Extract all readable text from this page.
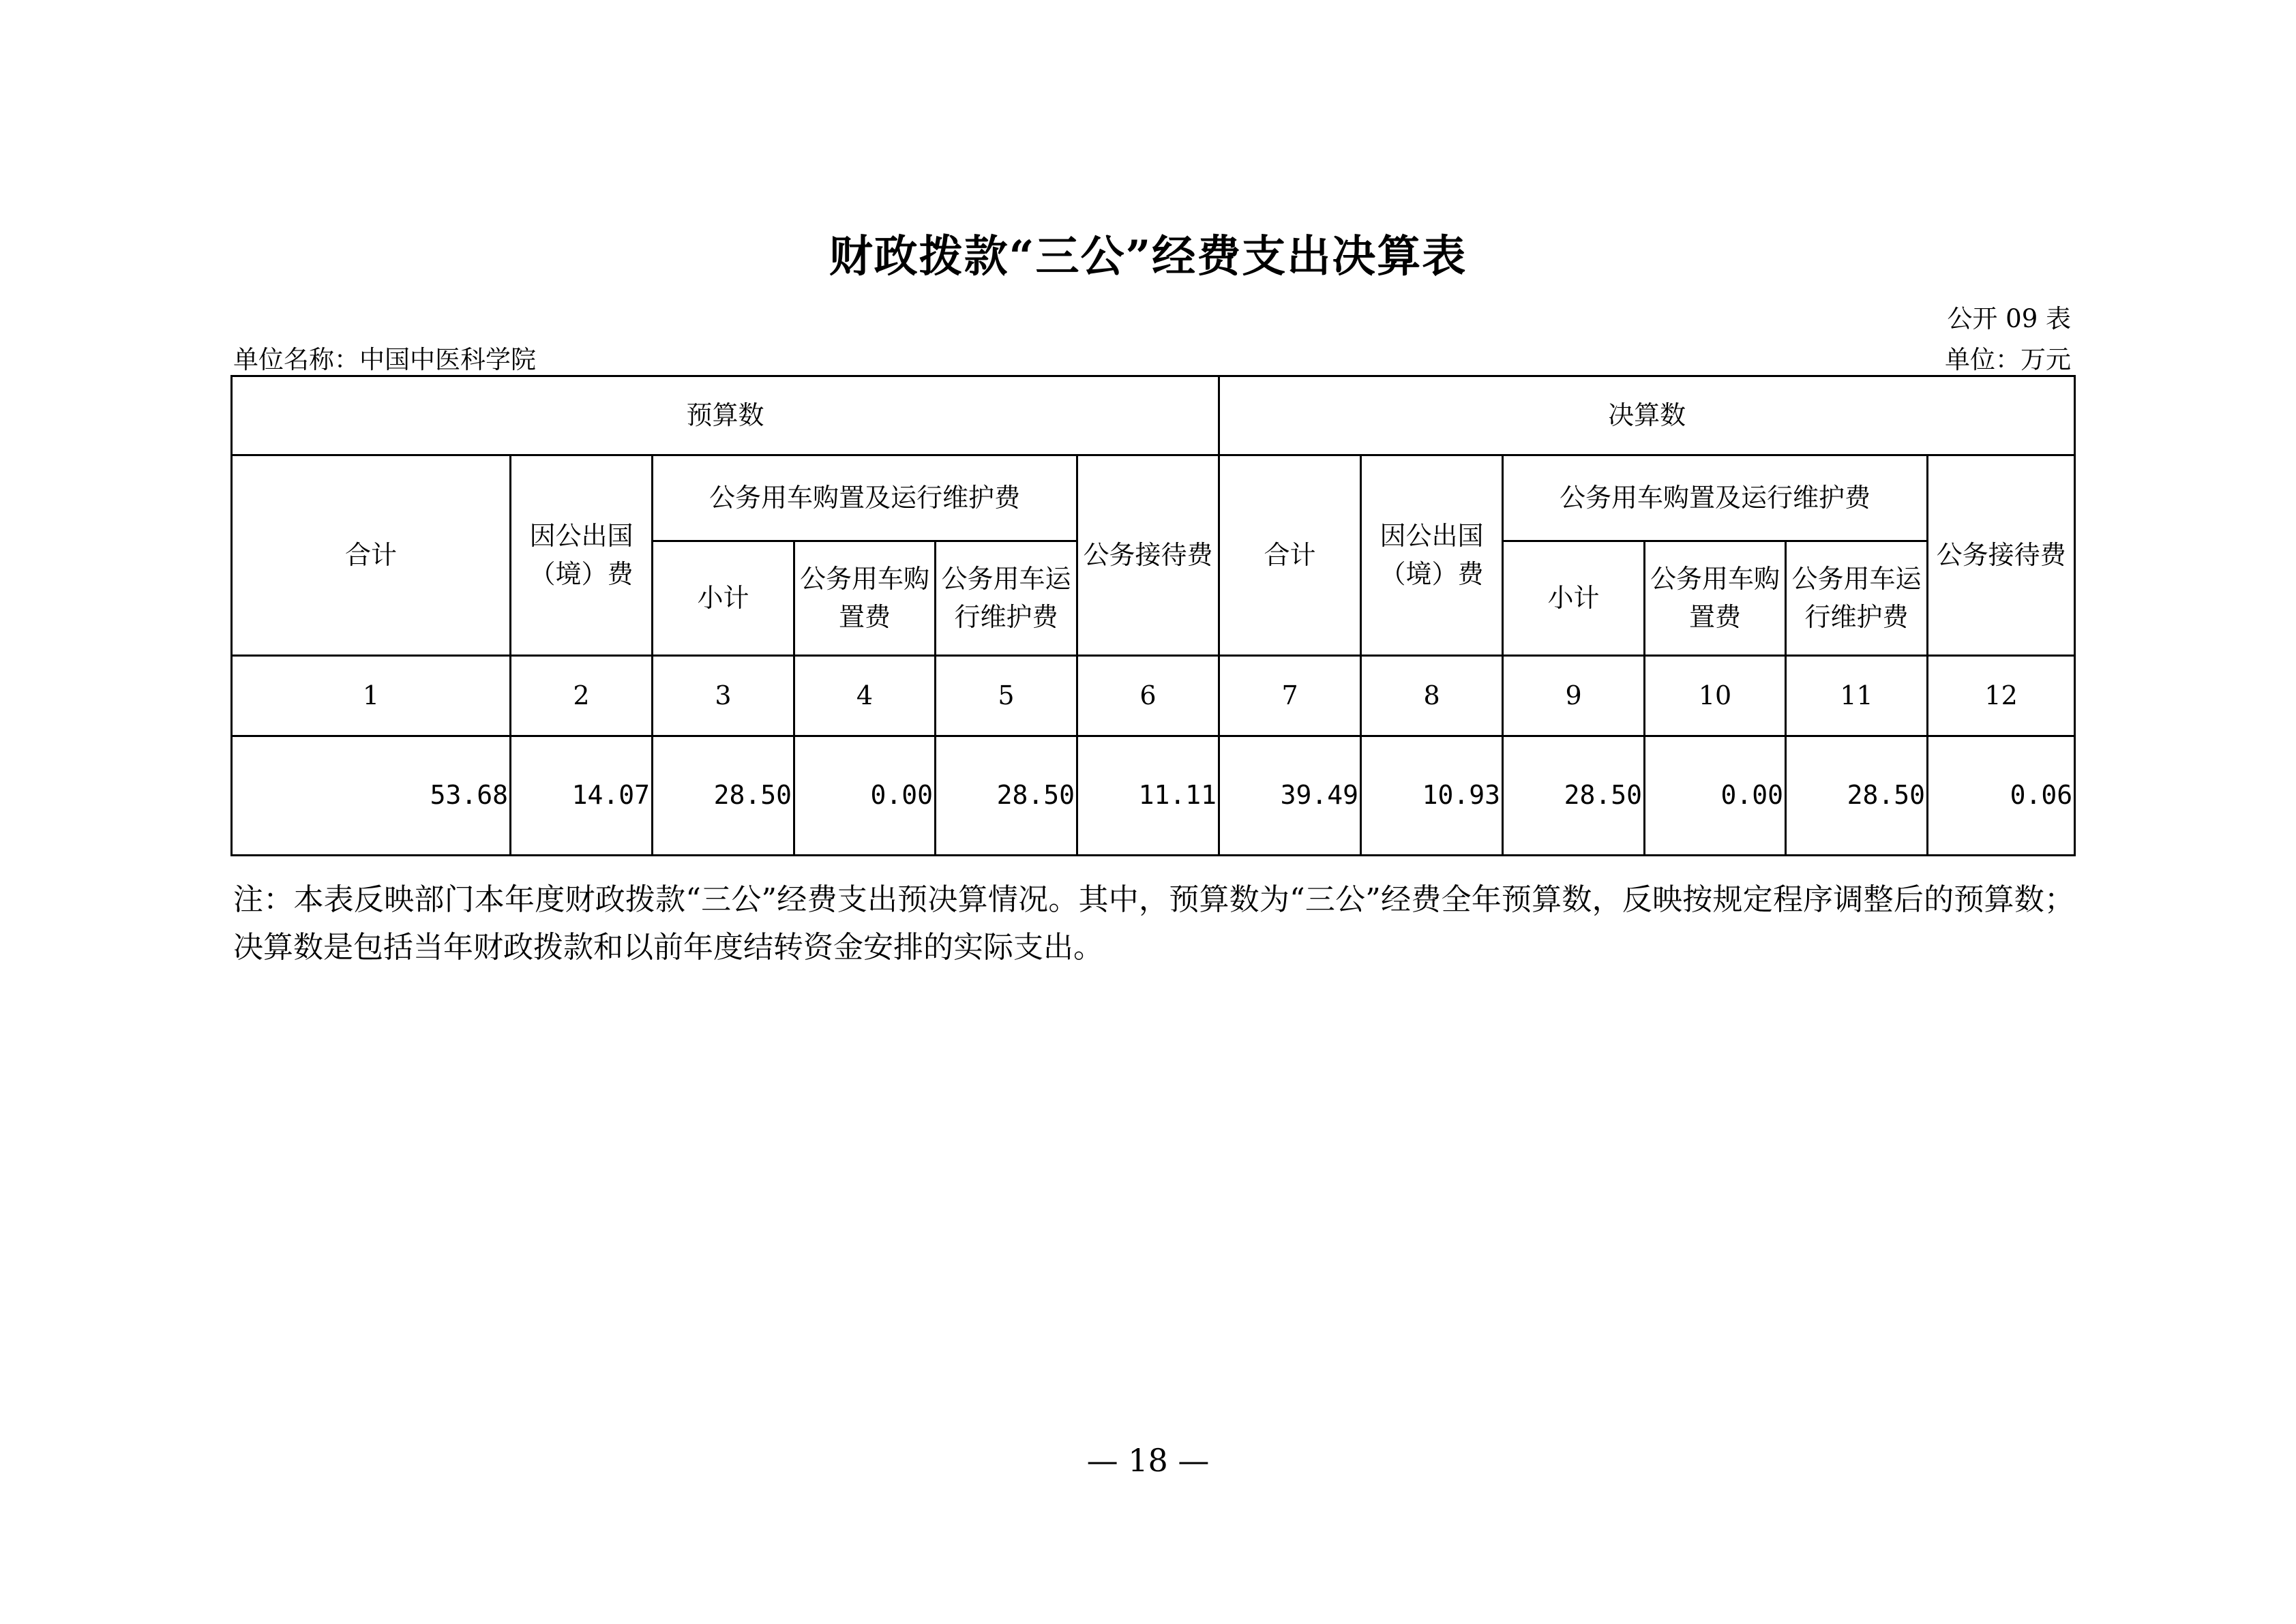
财政拨款“三公”经费支出决算表
公开 09 表
单位名称：中国中医科学院	单位：万元
预算数						决算数					
合计	因公出国（境）费	公务用车购置及运行维护费			公务接待费	合计	因公出国（境）费	公务用车购置及运行维护费			公务接待费
		小计	公务用车购置费	公务用车运行维护费				小计	公务用车购置费	公务用车运行维护费	
1	2	3	4	5	6	7	8	9	10	11	12
53.68	14.07	28.50	0.00	28.50	11.11	39.49	10.93	28.50	0.00	28.50	0.06
注：本表反映部门本年度财政拨款“三公”经费支出预决算情况。其中，预算数为“三公”经费全年预算数，反映按规定程序调整后的预算数；决算数是包括当年财政拨款和以前年度结转资金安排的实际支出。
— 18 —
